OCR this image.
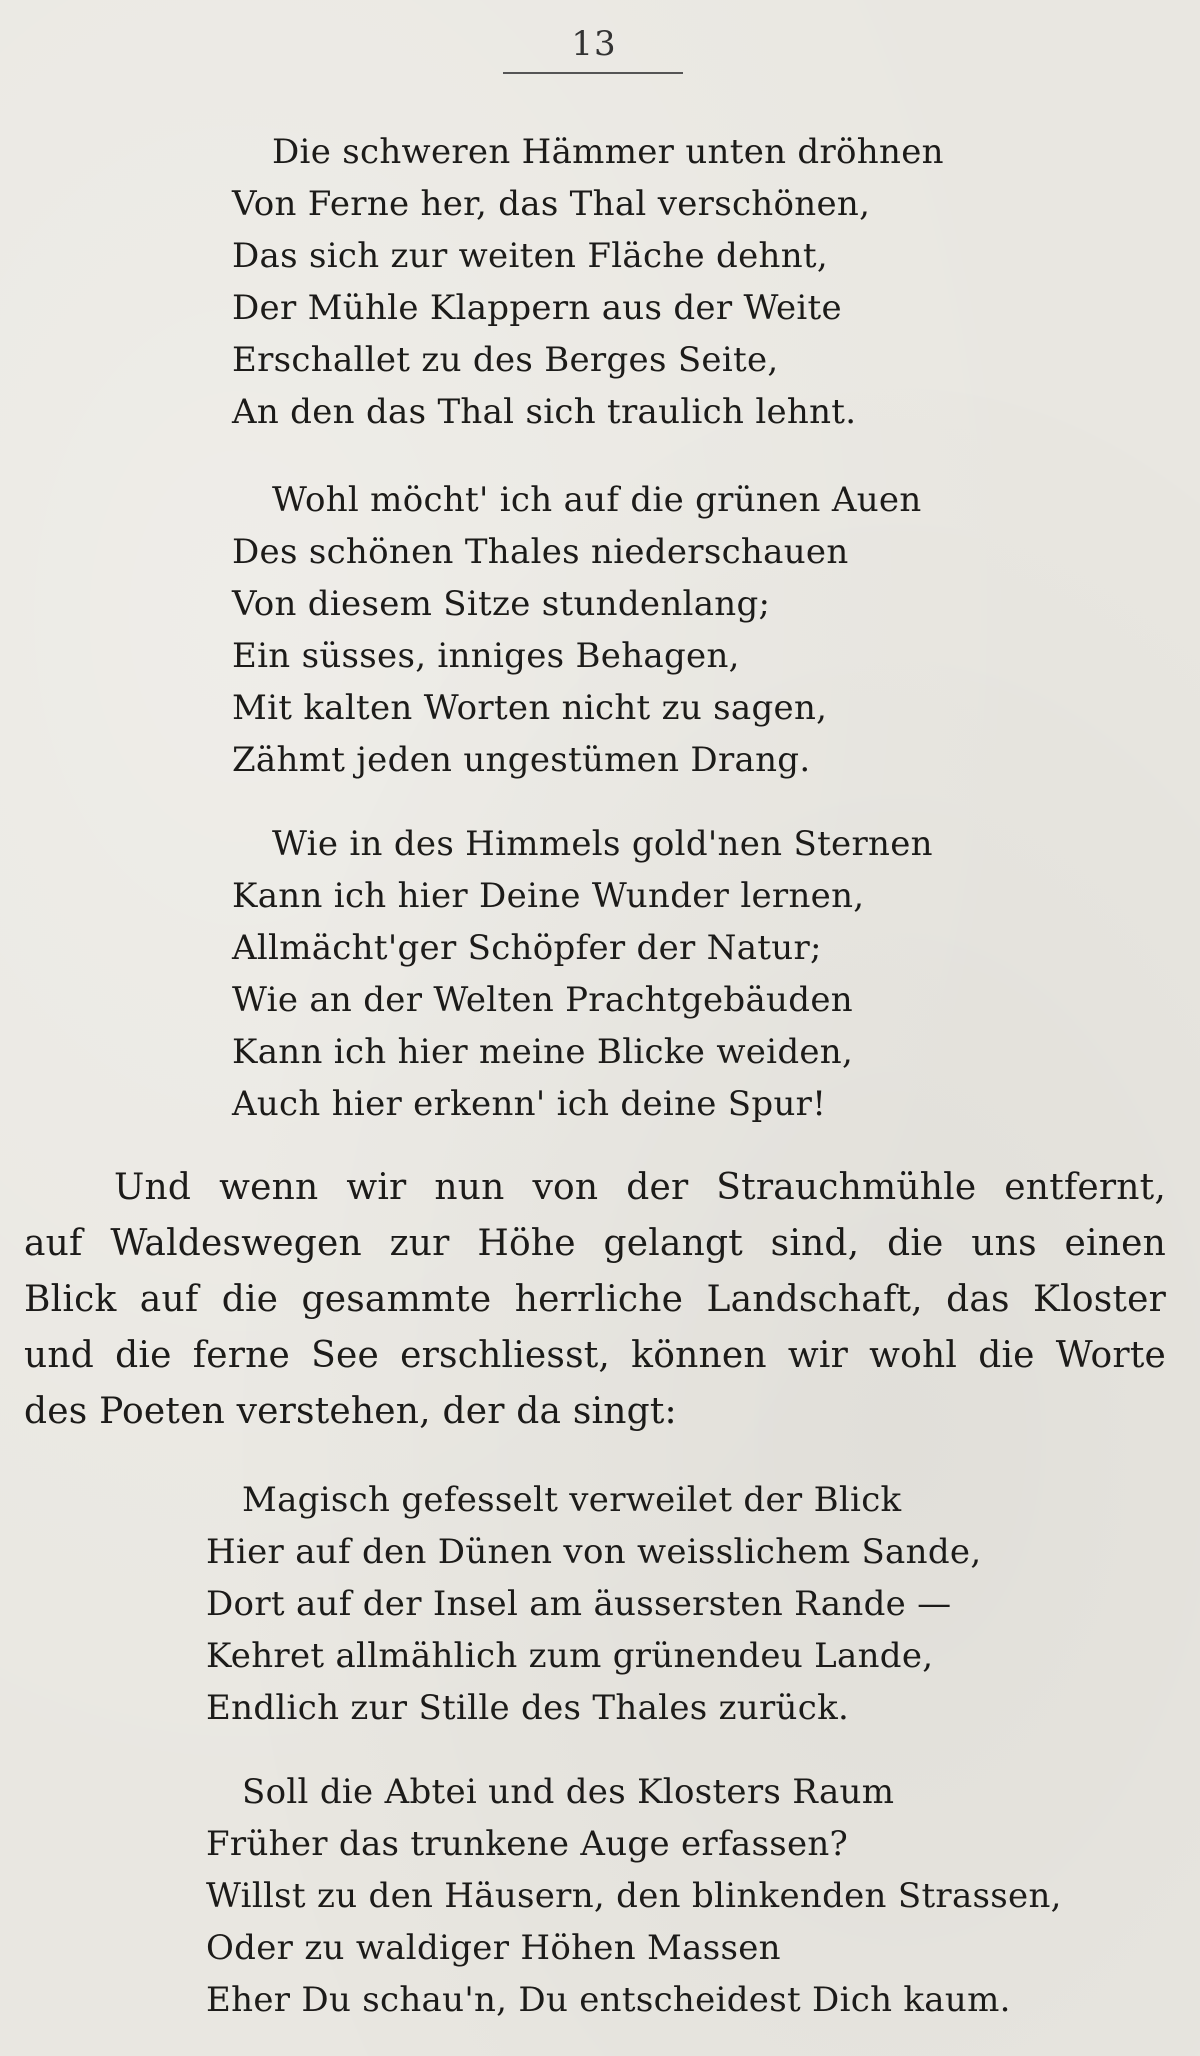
13
Die schweren Hämmer unten dröhnen
Von Ferne her, das Thal verschönen,
Das sich zur weiten Fläche dehnt,
Der Mühle Klappern aus der Weite
Erschallet zu des Berges Seite,
An den das Thal sich traulich lehnt.
Wohl möcht' ich auf die grünen Auen
Des schönen Thales niederschauen
Von diesem Sitze stundenlang;
Ein süsses, inniges Behagen,
Mit kalten Worten nicht zu sagen,
Zähmt jeden ungestümen Drang.
Wie in des Himmels gold'nen Sternen
Kann ich hier Deine Wunder lernen,
Allmächt'ger Schöpfer der Natur;
Wie an der Welten Prachtgebäuden
Kann ich hier meine Blicke weiden,
Auch hier erkenn' ich deine Spur!
Und wenn wir nun von der Strauchmühle entfernt,
auf Waldeswegen zur Höhe gelangt sind, die uns einen
Blick auf die gesammte herrliche Landschaft, das Kloster
und die ferne See erschliesst, können wir wohl die Worte
des Poeten verstehen, der da singt:
Magisch gefesselt verweilet der Blick
Hier auf den Dünen von weisslichem Sande,
Dort auf der Insel am äussersten Rande —
Kehret allmählich zum grünendeu Lande,
Endlich zur Stille des Thales zurück.
Soll die Abtei und des Klosters Raum
Früher das trunkene Auge erfassen?
Willst zu den Häusern, den blinkenden Strassen,
Oder zu waldiger Höhen Massen
Eher Du schau'n, Du entscheidest Dich kaum.
